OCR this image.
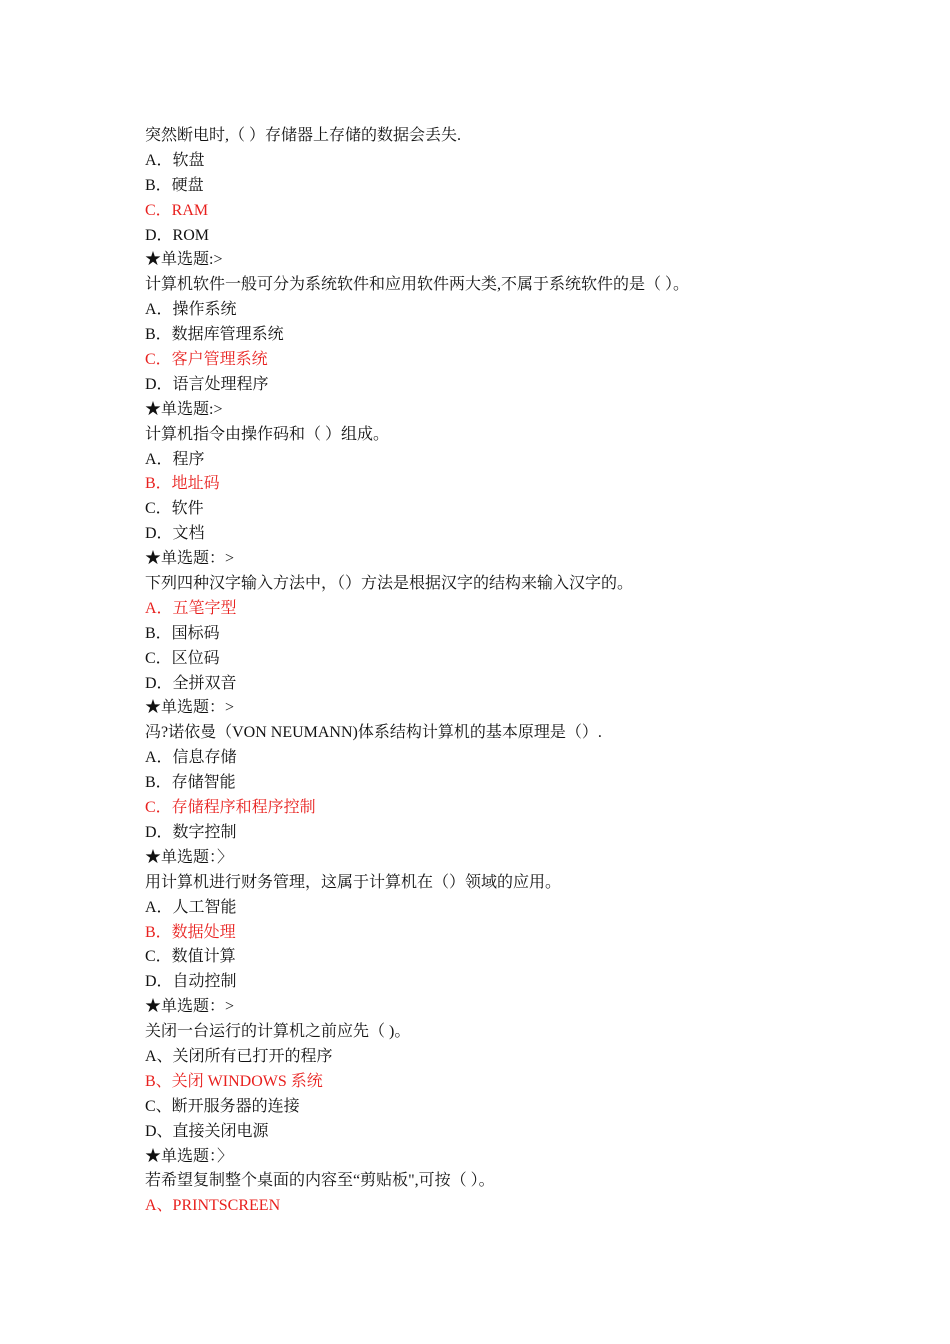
突然断电时,（ ）存储器上存储的数据会丢失.
A．软盘
B．硬盘
C．RAM
D．ROM
★单选题:>
计算机软件一般可分为系统软件和应用软件两大类,不属于系统软件的是（ ）。
A．操作系统
B．数据库管理系统
C．客户管理系统
D．语言处理程序
★单选题:>
计算机指令由操作码和（ ）组成。
A．程序
B．地址码
C．软件
D．文档
★单选题：>
下列四种汉字输入方法中，（）方法是根据汉字的结构来输入汉字的。
A．五笔字型
B．国标码
C．区位码
D．全拼双音
★单选题：>
冯?诺依曼（VON NEUMANN)体系结构计算机的基本原理是（）.
A．信息存储
B．存储智能
C．存储程序和程序控制
D．数字控制
★单选题：〉
用计算机进行财务管理，这属于计算机在（）领域的应用。
A．人工智能
B．数据处理
C．数值计算
D．自动控制
★单选题：>
关闭一台运行的计算机之前应先（ )。
A、关闭所有已打开的程序
B、关闭 WINDOWS 系统
C、断开服务器的连接
D、直接关闭电源
★单选题：〉
若希望复制整个桌面的内容至“剪贴板",可按（ ）。
A、PRINTSCREEN
